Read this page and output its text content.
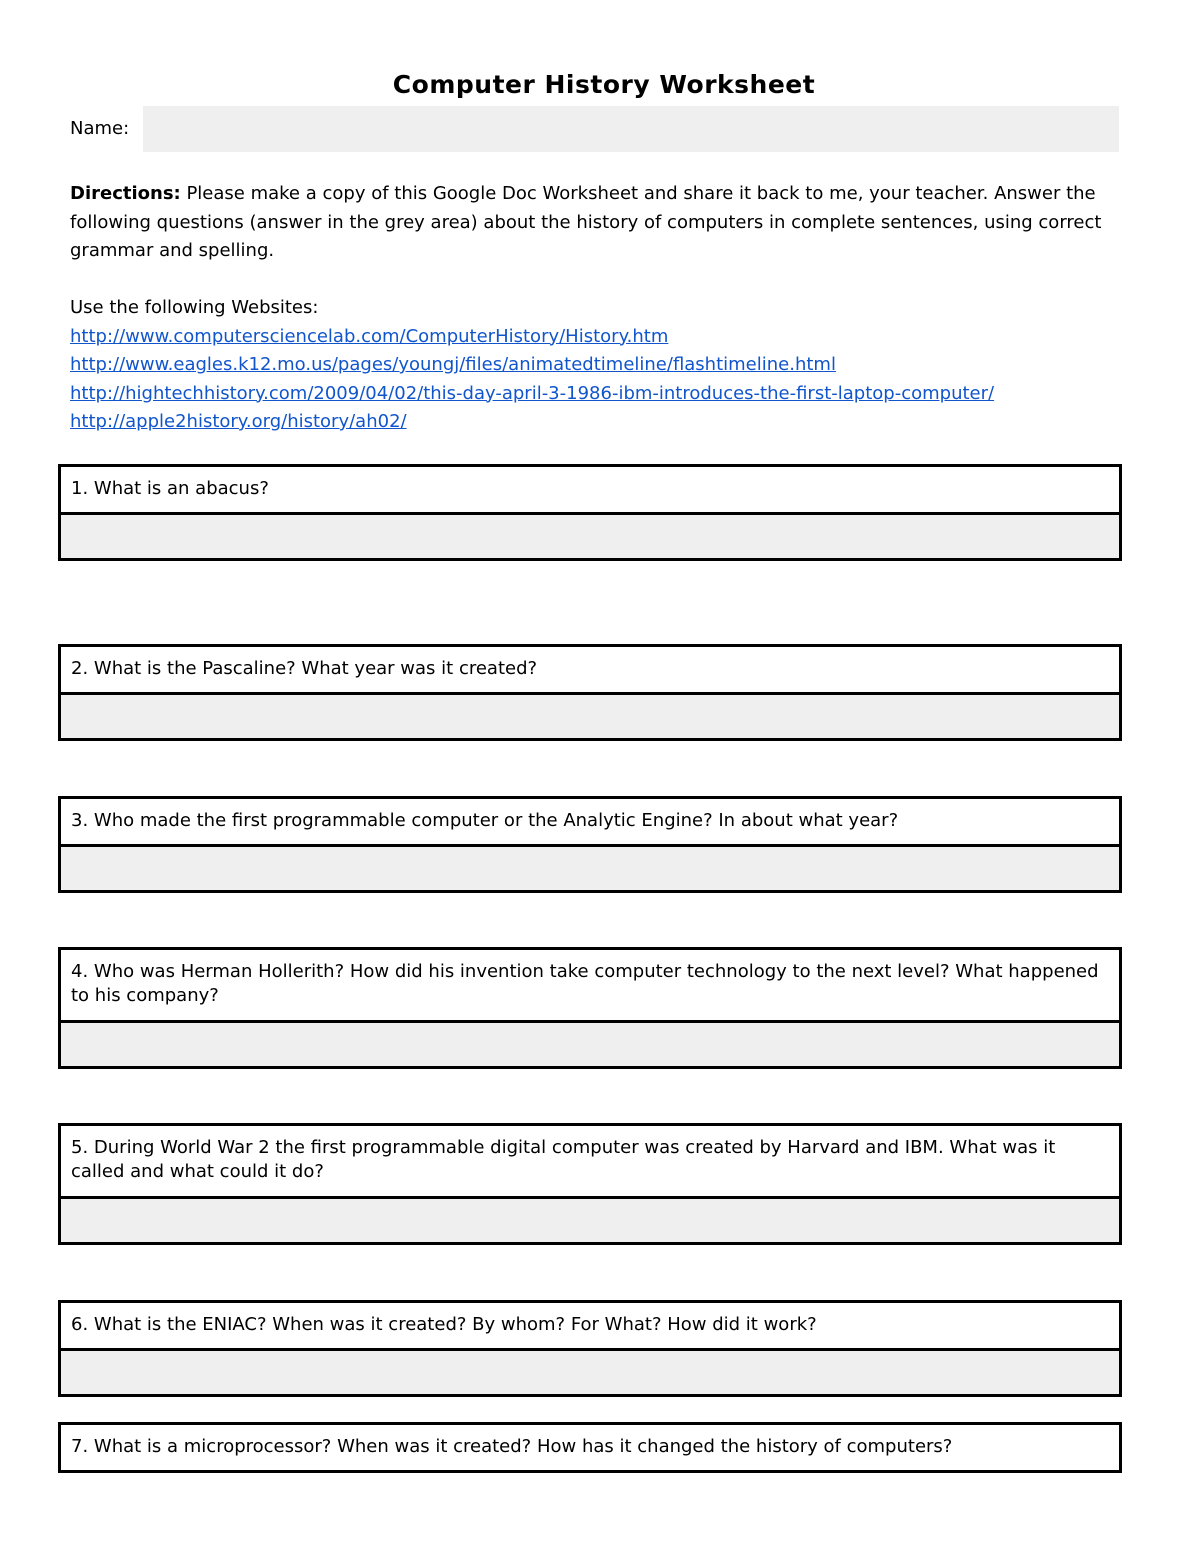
Computer History Worksheet
Name:
Directions: Please make a copy of this Google Doc Worksheet and share it back to me, your teacher. Answer the following questions (answer in the grey area) about the history of computers in complete sentences, using correct grammar and spelling.
Use the following Websites:
http://www.computersciencelab.com/ComputerHistory/History.htm
http://www.eagles.k12.mo.us/pages/youngj/files/animatedtimeline/flashtimeline.html
http://hightechhistory.com/2009/04/02/this-day-april-3-1986-ibm-introduces-the-first-laptop-computer/
http://apple2history.org/history/ah02/
1. What is an abacus?
2. What is the Pascaline? What year was it created?
3. Who made the first programmable computer or the Analytic Engine? In about what year?
4. Who was Herman Hollerith? How did his invention take computer technology to the next level? What happened to his company?
5. During World War 2 the first programmable digital computer was created by Harvard and IBM. What was it called and what could it do?
6. What is the ENIAC? When was it created? By whom? For What? How did it work?
7. What is a microprocessor? When was it created? How has it changed the history of computers?
